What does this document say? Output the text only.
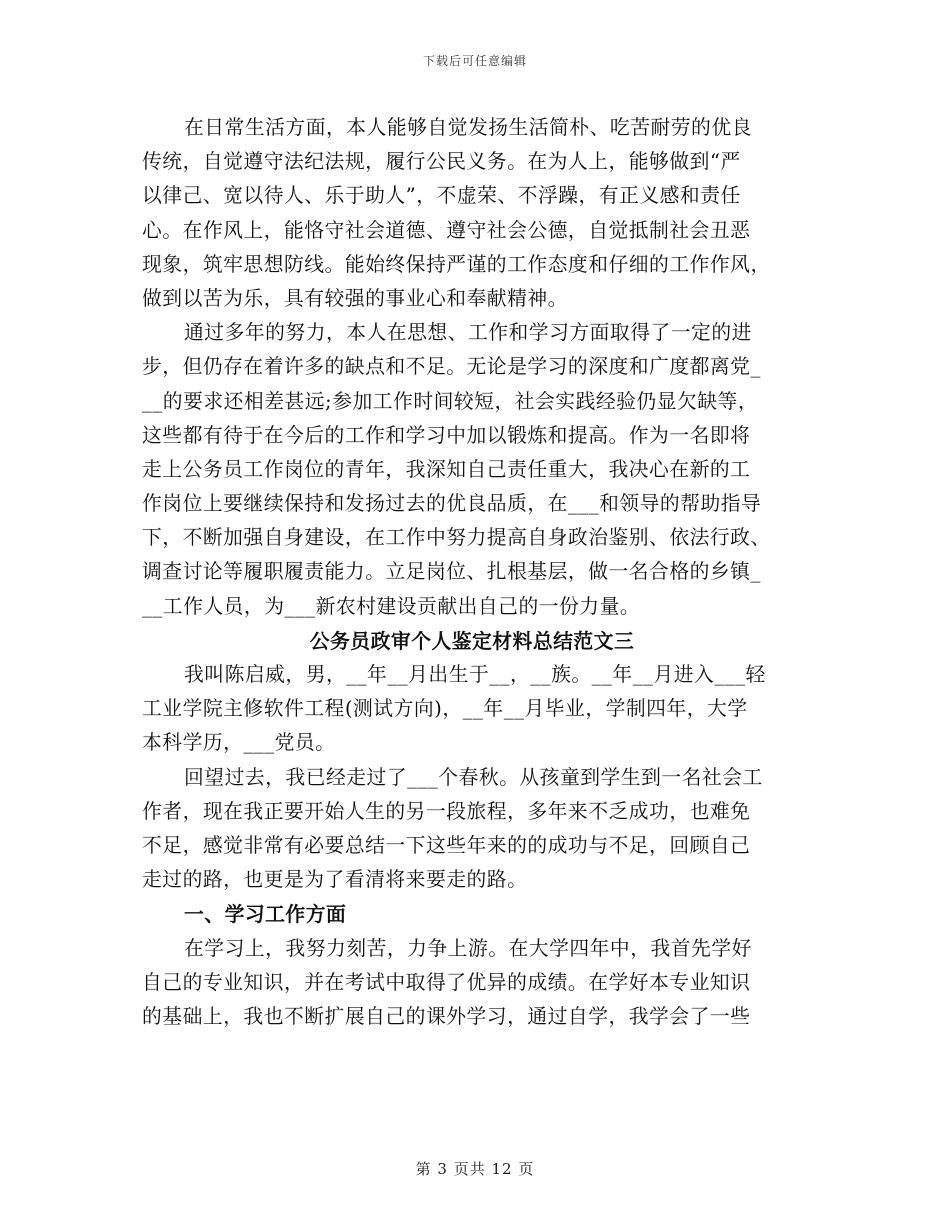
下载后可任意编辑
在日常生活方面，本人能够自觉发扬生活简朴、吃苦耐劳的优良
传统，自觉遵守法纪法规，履行公民义务。在为人上，能够做到“严
以律己、宽以待人、乐于助人”，不虚荣、不浮躁，有正义感和责任
心。在作风上，能恪守社会道德、遵守社会公德，自觉抵制社会丑恶
现象，筑牢思想防线。能始终保持严谨的工作态度和仔细的工作作风，
做到以苦为乐，具有较强的事业心和奉献精神。
通过多年的努力，本人在思想、工作和学习方面取得了一定的进
步，但仍存在着许多的缺点和不足。无论是学习的深度和广度都离党_
__的要求还相差甚远;参加工作时间较短，社会实践经验仍显欠缺等，
这些都有待于在今后的工作和学习中加以锻炼和提高。作为一名即将
走上公务员工作岗位的青年，我深知自己责任重大，我决心在新的工
作岗位上要继续保持和发扬过去的优良品质，在___和领导的帮助指导
下，不断加强自身建设，在工作中努力提高自身政治鉴别、依法行政、
调查讨论等履职履责能力。立足岗位、扎根基层，做一名合格的乡镇_
__工作人员，为___新农村建设贡献出自己的一份力量。
公务员政审个人鉴定材料总结范文三
我叫陈启威，男，__年__月出生于__，__族。__年__月进入___轻
工业学院主修软件工程(测试方向)，__年__月毕业，学制四年，大学
本科学历，___党员。
回望过去，我已经走过了___个春秋。从孩童到学生到一名社会工
作者，现在我正要开始人生的另一段旅程，多年来不乏成功，也难免
不足，感觉非常有必要总结一下这些年来的的成功与不足，回顾自己
走过的路，也更是为了看清将来要走的路。
一、学习工作方面
在学习上，我努力刻苦，力争上游。在大学四年中，我首先学好
自己的专业知识，并在考试中取得了优异的成绩。在学好本专业知识
的基础上，我也不断扩展自己的课外学习，通过自学，我学会了一些
第 3 页共 12 页
